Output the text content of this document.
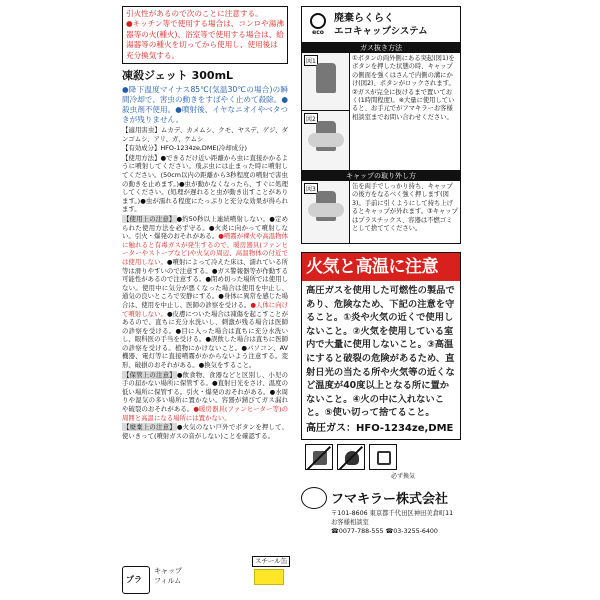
引火性があるので次のことに注意する。
●キッチン等で使用する場合は、コンロや湯沸器等の火(種火)、浴室等で使用する場合は、給湯器等の種火を切ってから使用し、使用後は充分換気する。
凍殺ジェット 300mL

●降下温度マイナス85℃(気温30℃の場合)の瞬間冷却で、害虫の動きをすばやく止めて殺除。●殺虫剤不使用。●噴射後、イヤなニオイやベタつきが残りません。

【適用害虫】ムカデ、カメムシ、クモ、ヤスデ、ゲジ、ダンゴムシ、アリ、ガ、ケムシ

【有効成分】HFO-1234ze,DME(冷却成分)

【使用方法】●できるだけ近い距離から虫に直接かかるように噴射してください。飛ぶ虫には止まった時に噴射してください。(50cm以内の距離から3秒程度の噴射で害虫の動きを止めます。)●虫が動かなくなったら、すぐに処理してください。(処理が遅れると虫が動き出すことがあります。)●虫が濡れる程度にたっぷりと充分な効果が得られます。

【使用上の注意】●約50秒以上連続噴射しない。●定められた使用方法を必ず守る。●火炎に向かって噴射しない。引火・爆発のおそれがある。●噴霧が裸火や高温物体に触れると有毒ガスが発生するので、暖房器具(ファンヒーターやストーブなど)や火気の周辺、高温物体の付近では使用しない。●噴射によって冷えた床は、濡れている所等は滑りやすいので注意する。●ガス警報器等が作動する可能性があるので注意する。●閉め切った場所では使用しない。使用中に気分が悪くなった場合は使用を中止し、通気の良いところで安静にする。●身体に異常を感じた場合は、使用を中止し、医師の診察を受ける。●人体に向けて噴射しない。●皮膚についた場合は凍傷を起こすことがあるので、直ちに充分水洗いし、刺激が残る場合は医師の診察を受ける。●目に入った場合は直ちに充分水洗いし、眼科医の手当を受ける。●誤飲した場合は直ちに医師の診察を受ける。植物にかけないこと。●パソコン、AV機器、電灯等に直接噴霧がかからないよう注意する。変形、破損のおそれがある。●換気をすること。

【保管上の注意】●飲食物、食器などと区別し、小児の手の届かない場所に保管する。●直射日光をさけ、温度の低い場所に保管する。引火・爆発のおそれがある。●水周りや湿気の多い場所に置かない。容器が錆びてガス漏れや破裂のおそれがある。●暖房器具(ファンヒーター等)の周囲と高温になる場所には置かない。

【廃棄上の注意】●火気のない戸外でボタンを押して、使いきって(噴射ガスの音がしない)ことを確認する。

スチール缶
プラ
キャップ
フィルム
eco
廃棄らくらく
エコキャップシステム
ガス抜き方法
図1
図2
①ボタンの両外側にある突起(図1)をボタンを押した状態の時、キャップの側面を強くはさんで内側の溝にかけ(図2)、ボタンがロックされます。②ガスが完全に抜けるまで置いておく(1時間程度)。※大量に使用していると、お手元でがフマキラーお客様相談室までお問い合わせください。
キャップの取り外し方
図3	缶を両手でしっかり持ち、キャップの後方をなるべく強く押します(図3)。手前に引くようにして持ち上げるとキャップが外れます。③キャップはプラスチックス、容器は不燃ゴミとして捨ててください。
火気と高温に注意
高圧ガスを使用した可燃性の製品であり、危険なため、下記の注意を守ること。①炎や火気の近くで使用しないこと。②火気を使用している室内で大量に使用しないこと。③高温にすると破裂の危険があるため、直射日光の当たる所や火気等の近くなど温度が40度以上となる所に置かないこと。④火の中に入れないこと。⑤使い切って捨てること。
高圧ガス：HFO-1234ze,DME
必ず換気
フマキラー株式会社
〒101-8606 東京都千代田区神田美倉町11
お客様相談室
☎0077-788-555 ☎03-3255-6400
